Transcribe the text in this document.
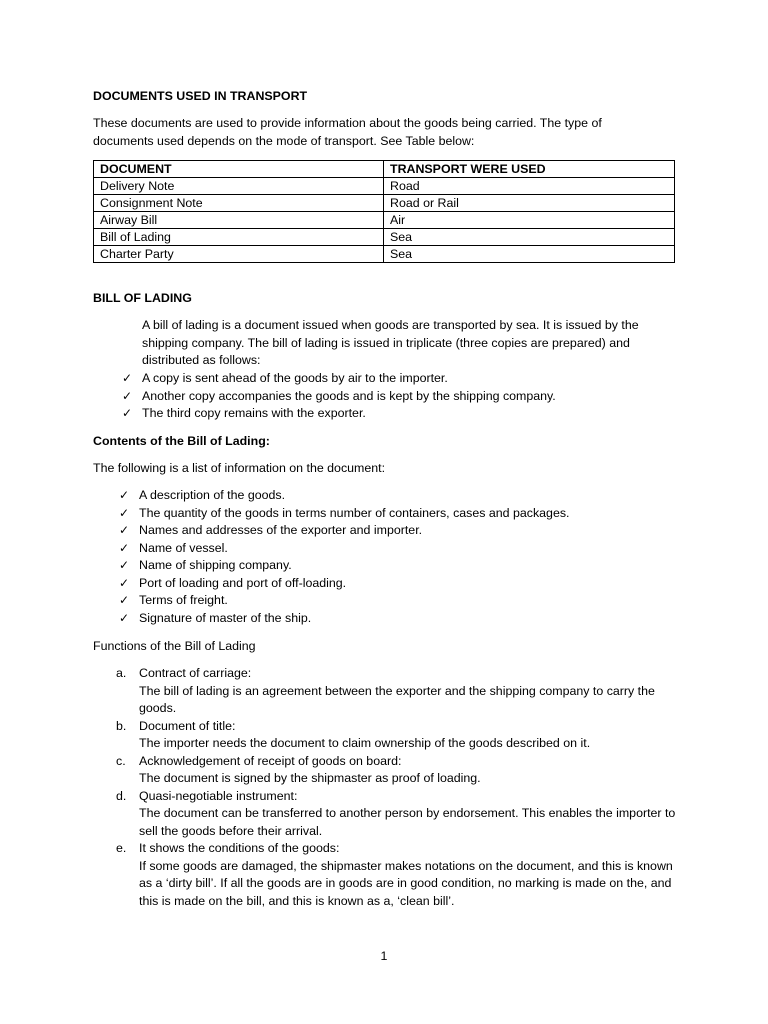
DOCUMENTS USED IN TRANSPORT

These documents are used to provide information about the goods being carried. The type of documents used depends on the mode of transport. See Table below:

DOCUMENT	TRANSPORT WERE USED
Delivery Note	Road
Consignment Note	Road or Rail
Airway Bill	Air
Bill of Lading	Sea
Charter Party	Sea

BILL OF LADING

A bill of lading is a document issued when goods are transported by sea. It is issued by the shipping company. The bill of lading is issued in triplicate (three copies are prepared) and distributed as follows:

✓ A copy is sent ahead of the goods by air to the importer.
✓ Another copy accompanies the goods and is kept by the shipping company.
✓ The third copy remains with the exporter.

Contents of the Bill of Lading:

The following is a list of information on the document:

✓ A description of the goods.
✓ The quantity of the goods in terms number of containers, cases and packages.
✓ Names and addresses of the exporter and importer.
✓ Name of vessel.
✓ Name of shipping company.
✓ Port of loading and port of off-loading.
✓ Terms of freight.
✓ Signature of master of the ship.

Functions of the Bill of Lading

a. Contract of carriage:
The bill of lading is an agreement between the exporter and the shipping company to carry the goods.
b. Document of title:
The importer needs the document to claim ownership of the goods described on it.
c. Acknowledgement of receipt of goods on board:
The document is signed by the shipmaster as proof of loading.
d. Quasi-negotiable instrument:
The document can be transferred to another person by endorsement. This enables the importer to sell the goods before their arrival.
e. It shows the conditions of the goods:
If some goods are damaged, the shipmaster makes notations on the document, and this is known as a ‘dirty bill’. If all the goods are in goods are in good condition, no marking is made on the, and this is made on the bill, and this is known as a, ‘clean bill’.

1
